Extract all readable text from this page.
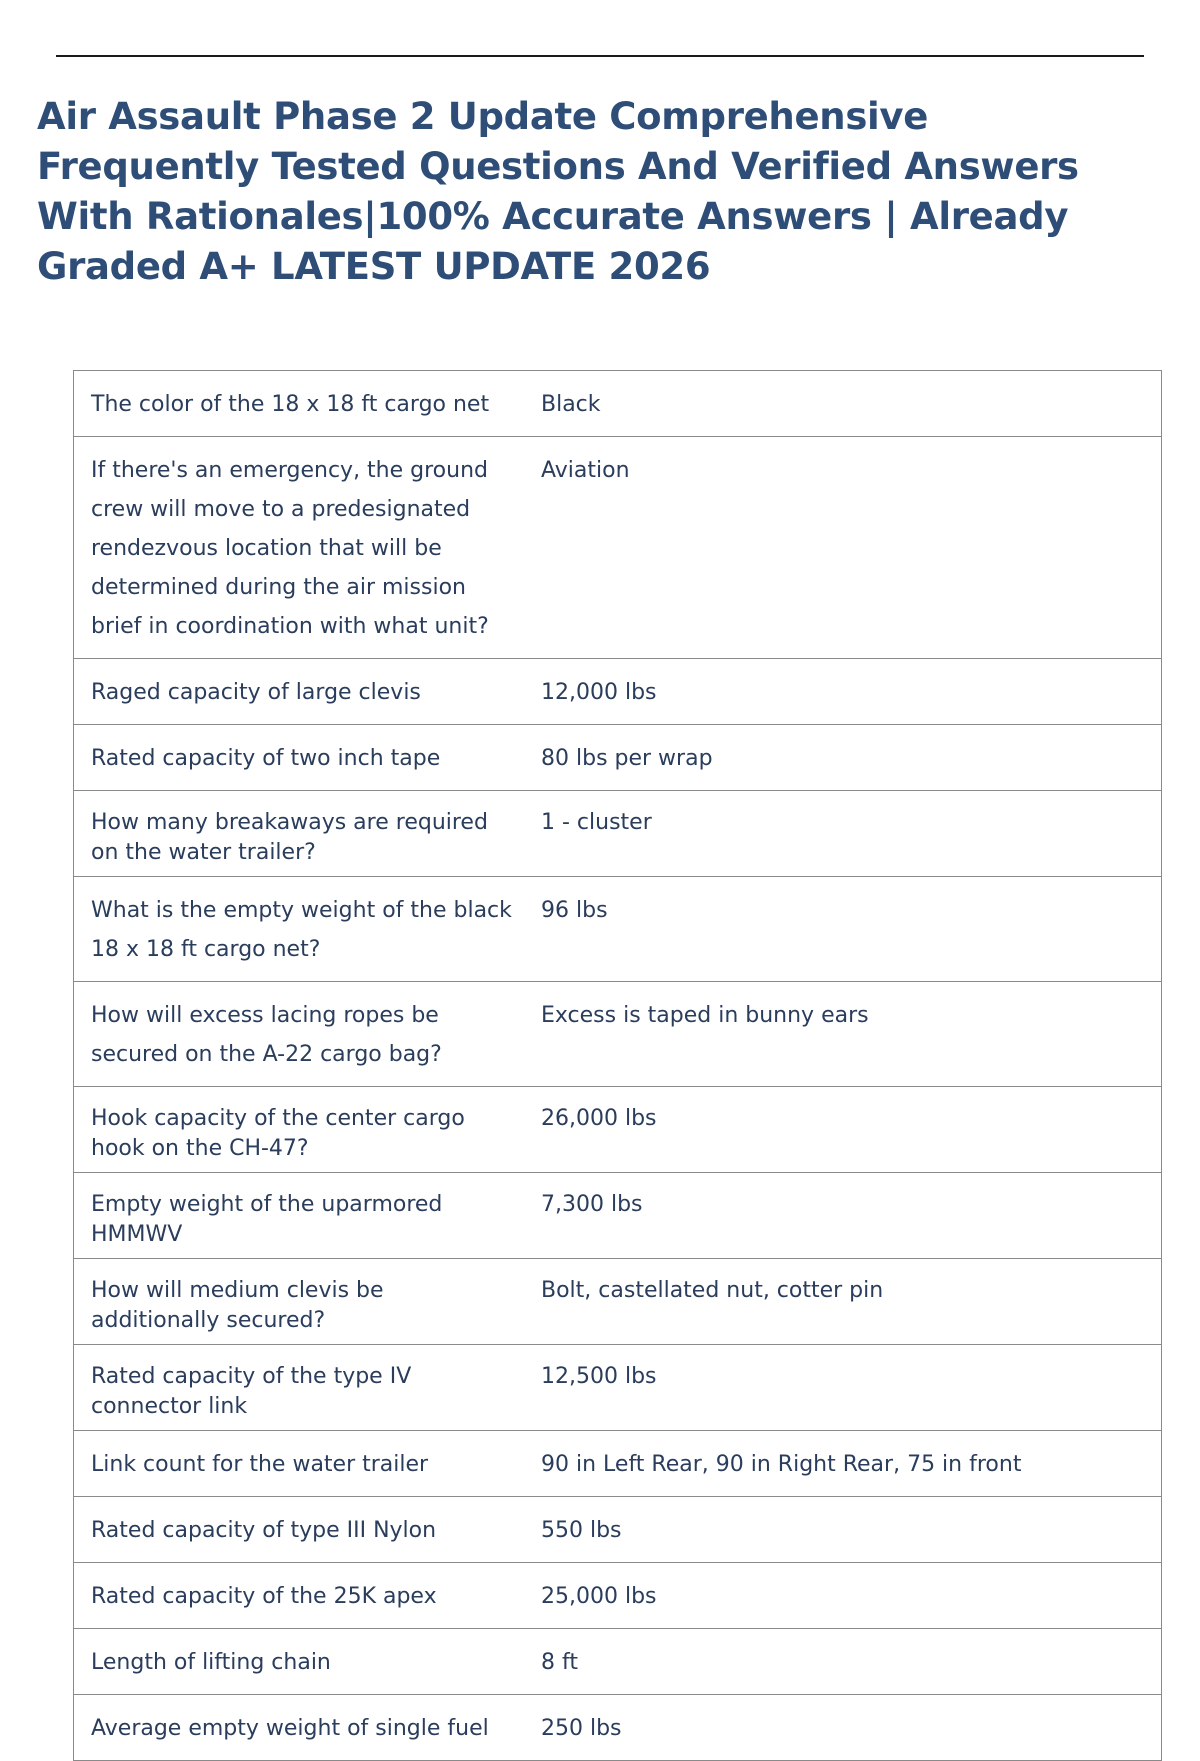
Air Assault Phase 2 Update Comprehensive Frequently Tested Questions And Verified Answers With Rationales|100% Accurate Answers | Already Graded A+ LATEST UPDATE 2026
The color of the 18 x 18 ft cargo net	Black
If there's an emergency, the ground crew will move to a predesignated rendezvous location that will be determined during the air mission brief in coordination with what unit?	Aviation
Raged capacity of large clevis	12,000 lbs
Rated capacity of two inch tape	80 lbs per wrap
How many breakaways are required on the water trailer?	1 - cluster
What is the empty weight of the black 18 x 18 ft cargo net?	96 lbs
How will excess lacing ropes be secured on the A-22 cargo bag?	Excess is taped in bunny ears
Hook capacity of the center cargo hook on the CH-47?	26,000 lbs
Empty weight of the uparmored HMMWV	7,300 lbs
How will medium clevis be additionally secured?	Bolt, castellated nut, cotter pin
Rated capacity of the type IV connector link	12,500 lbs
Link count for the water trailer	90 in Left Rear, 90 in Right Rear, 75 in front
Rated capacity of type III Nylon	550 lbs
Rated capacity of the 25K apex	25,000 lbs
Length of lifting chain	8 ft
Average empty weight of single fuel	250 lbs
